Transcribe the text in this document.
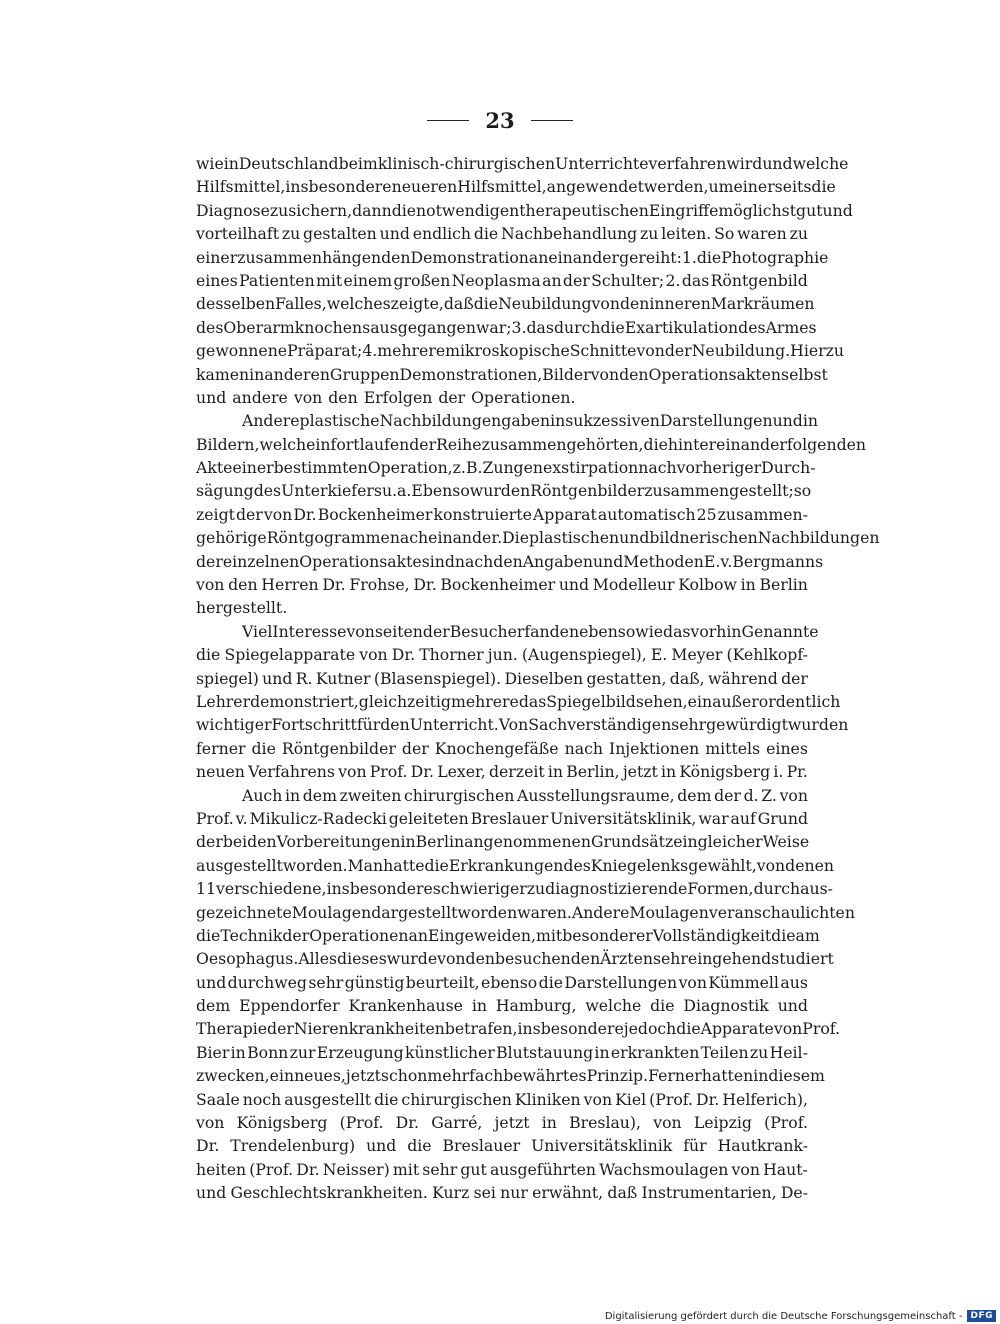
23
wie in Deutschland beim klinisch-chirurgischen Unterrichte verfahren wird und welche
Hilfsmittel, insbesondere neueren Hilfsmittel, angewendet werden, um einerseits die
Diagnose zu sichern, dann die notwendigen therapeutischen Eingriffe möglichst gut und
vorteilhaft zu gestalten und endlich die Nachbehandlung zu leiten. So waren zu
einer zusammenhängenden Demonstration aneinander gereiht: 1. die Photographie
eines Patienten mit einem großen Neoplasma an der Schulter; 2. das Röntgenbild
desselben Falles, welches zeigte, daß die Neubildung von den inneren Markräumen
des Oberarmknochens ausgegangen war; 3. das durch die Exartikulation des Armes
gewonnene Präparat; 4. mehrere mikroskopische Schnitte von der Neubildung. Hierzu
kamen in anderen Gruppen Demonstrationen, Bilder von den Operationsakten selbst
und andere von den Erfolgen der Operationen.
Andere plastische Nachbildungen gaben in sukzessiven Darstellungen und in
Bildern, welche in fortlaufender Reihe zusammengehörten, die hintereinander folgenden
Akte einer bestimmten Operation, z. B. Zungenexstirpation nach vorheriger Durch-
sägung des Unterkiefers u. a. Ebenso wurden Röntgenbilder zusammengestellt; so
zeigt der von Dr. Bockenheimer konstruierte Apparat automatisch 25 zusammen-
gehörige Röntgogramme nacheinander. Die plastischen und bildnerischen Nachbildungen
der einzelnen Operationsakte sind nach den Angaben und Methoden E. v. Bergmanns
von den Herren Dr. Frohse, Dr. Bockenheimer und Modelleur Kolbow in Berlin
hergestellt.
Viel Interesse von seiten der Besucher fanden ebenso wie das vorhin Genannte
die Spiegelapparate von Dr. Thorner jun. (Augenspiegel), E. Meyer (Kehlkopf-
spiegel) und R. Kutner (Blasenspiegel). Dieselben gestatten, daß, während der
Lehrer demonstriert, gleichzeitig mehrere das Spiegelbild sehen, ein außerordentlich
wichtiger Fortschritt für den Unterricht. Von Sachverständigen sehr gewürdigt wurden
ferner die Röntgenbilder der Knochengefäße nach Injektionen mittels eines
neuen Verfahrens von Prof. Dr. Lexer, derzeit in Berlin, jetzt in Königsberg i. Pr.
Auch in dem zweiten chirurgischen Ausstellungsraume, dem der d. Z. von
Prof. v. Mikulicz-Radecki geleiteten Breslauer Universitätsklinik, war auf Grund
der bei den Vorbereitungen in Berlin angenommenen Grundsätze in gleicher Weise
ausgestellt worden. Man hatte die Erkrankungen des Kniegelenks gewählt, von denen
11 verschiedene, insbesondere schwieriger zu diagnostizierende Formen, durch aus-
gezeichnete Moulagen dargestellt worden waren. Andere Moulagen veranschaulichten
die Technik der Operationen an Eingeweiden, mit besonderer Vollständigkeit die am
Oesophagus. Alles dieses wurde von den besuchenden Ärzten sehr eingehend studiert
und durchweg sehr günstig beurteilt, ebenso die Darstellungen von Kümmell aus
dem Eppendorfer Krankenhause in Hamburg, welche die Diagnostik und
Therapie der Nierenkrankheiten betrafen, insbesondere jedoch die Apparate von Prof.
Bier in Bonn zur Erzeugung künstlicher Blutstauung in erkrankten Teilen zu Heil-
zwecken, ein neues, jetzt schon mehrfach bewährtes Prinzip. Ferner hatten in diesem
Saale noch ausgestellt die chirurgischen Kliniken von Kiel (Prof. Dr. Helferich),
von Königsberg (Prof. Dr. Garré, jetzt in Breslau), von Leipzig (Prof.
Dr. Trendelenburg) und die Breslauer Universitätsklinik für Hautkrank-
heiten (Prof. Dr. Neisser) mit sehr gut ausgeführten Wachsmoulagen von Haut-
und Geschlechtskrankheiten. Kurz sei nur erwähnt, daß Instrumentarien, De-
Digitalisierung gefördert durch die Deutsche Forschungsgemeinschaft - DFG
